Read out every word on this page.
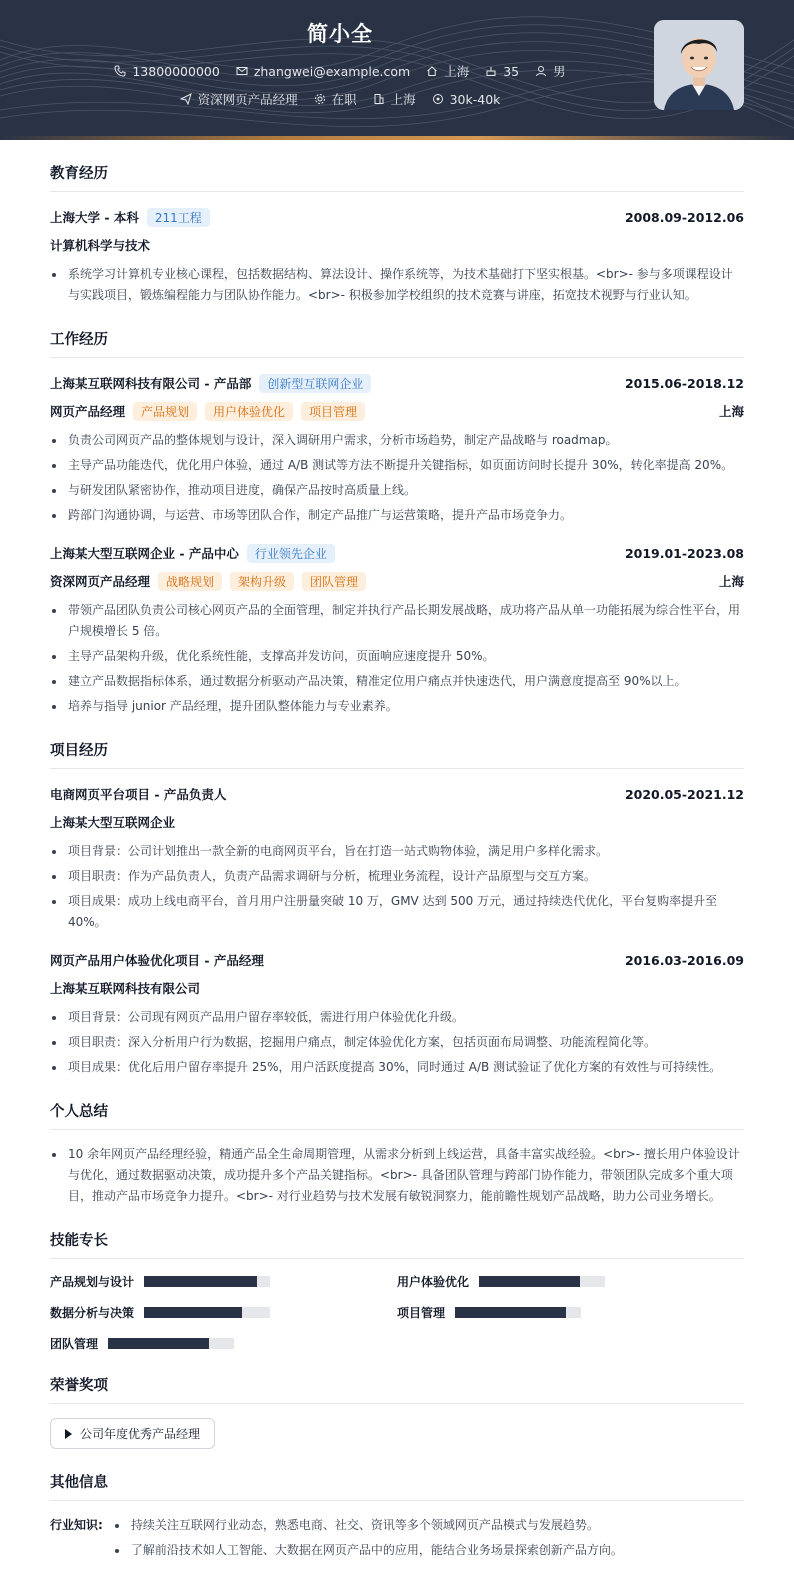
简小全
13800000000	zhangwei@example.com	上海	35	男
资深网页产品经理	在职	上海	30k-40k
教育经历
上海大学 - 本科	211工程	2008.09-2012.06
计算机科学与技术
系统学习计算机专业核心课程，包括数据结构、算法设计、操作系统等，为技术基础打下坚实根基。<br>- 参与多项课程设计与实践项目，锻炼编程能力与团队协作能力。<br>- 积极参加学校组织的技术竞赛与讲座，拓宽技术视野与行业认知。
工作经历
上海某互联网科技有限公司 - 产品部	创新型互联网企业	2015.06-2018.12
网页产品经理	产品规划	用户体验优化	项目管理	上海
负责公司网页产品的整体规划与设计，深入调研用户需求，分析市场趋势，制定产品战略与 roadmap。
主导产品功能迭代，优化用户体验，通过 A/B 测试等方法不断提升关键指标，如页面访问时长提升 30%，转化率提高 20%。
与研发团队紧密协作，推动项目进度，确保产品按时高质量上线。
跨部门沟通协调，与运营、市场等团队合作，制定产品推广与运营策略，提升产品市场竞争力。
上海某大型互联网企业 - 产品中心	行业领先企业	2019.01-2023.08
资深网页产品经理	战略规划	架构升级	团队管理	上海
带领产品团队负责公司核心网页产品的全面管理，制定并执行产品长期发展战略，成功将产品从单一功能拓展为综合性平台，用户规模增长 5 倍。
主导产品架构升级，优化系统性能，支撑高并发访问，页面响应速度提升 50%。
建立产品数据指标体系，通过数据分析驱动产品决策，精准定位用户痛点并快速迭代，用户满意度提高至 90%以上。
培养与指导 junior 产品经理，提升团队整体能力与专业素养。
项目经历
电商网页平台项目 - 产品负责人	2020.05-2021.12
上海某大型互联网企业
项目背景：公司计划推出一款全新的电商网页平台，旨在打造一站式购物体验，满足用户多样化需求。
项目职责：作为产品负责人，负责产品需求调研与分析，梳理业务流程，设计产品原型与交互方案。
项目成果：成功上线电商平台，首月用户注册量突破 10 万，GMV 达到 500 万元，通过持续迭代优化，平台复购率提升至 40%。
网页产品用户体验优化项目 - 产品经理	2016.03-2016.09
上海某互联网科技有限公司
项目背景：公司现有网页产品用户留存率较低，需进行用户体验优化升级。
项目职责：深入分析用户行为数据，挖掘用户痛点，制定体验优化方案，包括页面布局调整、功能流程简化等。
项目成果：优化后用户留存率提升 25%，用户活跃度提高 30%，同时通过 A/B 测试验证了优化方案的有效性与可持续性。
个人总结
10 余年网页产品经理经验，精通产品全生命周期管理，从需求分析到上线运营，具备丰富实战经验。<br>- 擅长用户体验设计与优化，通过数据驱动决策，成功提升多个产品关键指标。<br>- 具备团队管理与跨部门协作能力，带领团队完成多个重大项目，推动产品市场竞争力提升。<br>- 对行业趋势与技术发展有敏锐洞察力，能前瞻性规划产品战略，助力公司业务增长。
技能专长
产品规划与设计	用户体验优化
数据分析与决策	项目管理
团队管理
荣誉奖项
公司年度优秀产品经理
其他信息
行业知识:	持续关注互联网行业动态，熟悉电商、社交、资讯等多个领域网页产品模式与发展趋势。
了解前沿技术如人工智能、大数据在网页产品中的应用，能结合业务场景探索创新产品方向。
